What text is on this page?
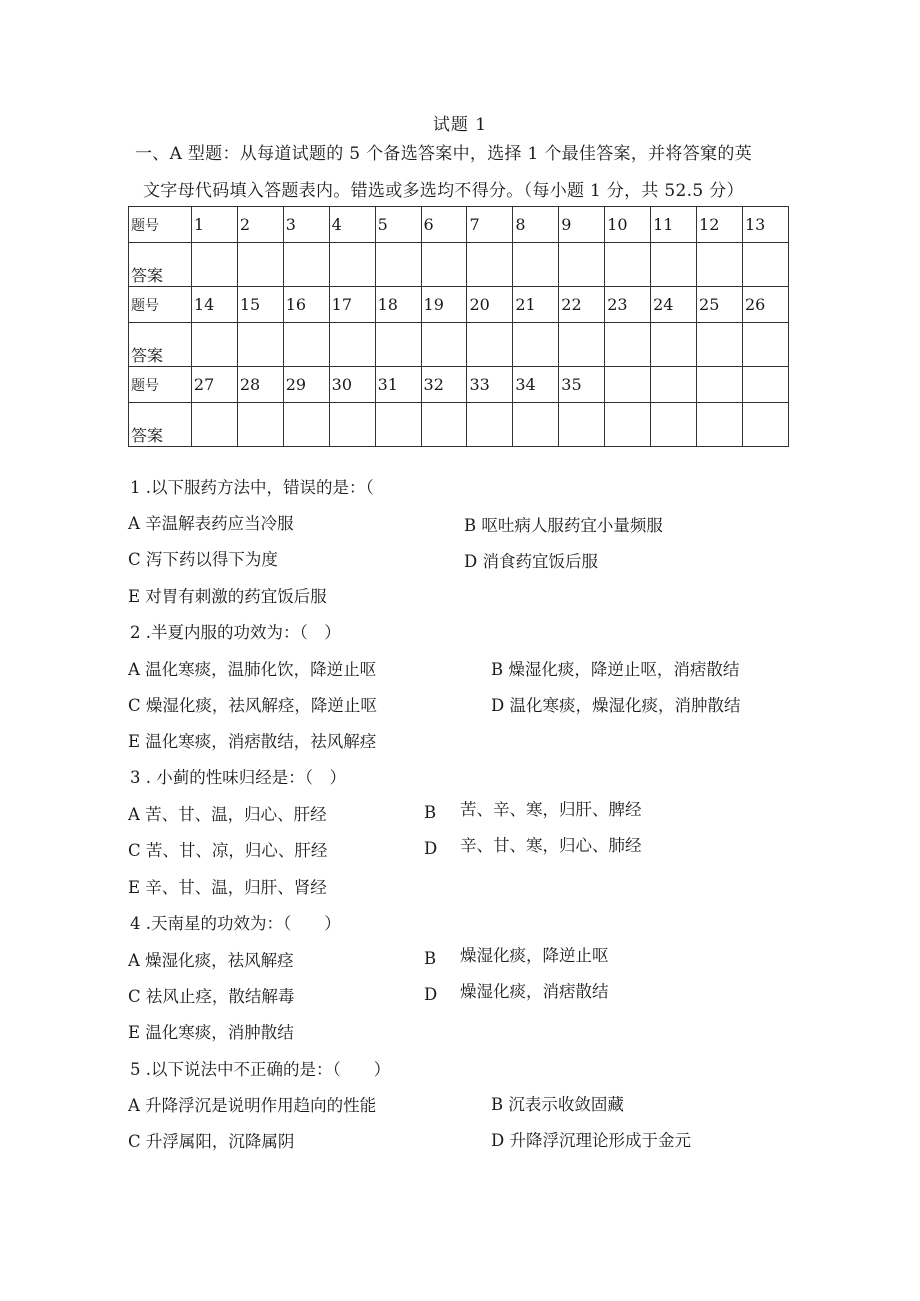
试题 1
一、A 型题：从每道试题的 5 个备选答案中，选择 1 个最佳答案，并将答窠的英
文字母代码填入答题表内。错选或多选均不得分。（每小题 1 分，共 52.5 分）
题号	1	2	3	4	5	6	7	8	9	10	11	12	13
答案													
题号	14	15	16	17	18	19	20	21	22	23	24	25	26
答案													
题号	27	28	29	30	31	32	33	34	35				
答案													
1 .以下服药方法中，错误的是：（
A 辛温解表药应当冷服	B 呕吐病人服药宜小量频服
C 泻下药以得下为度	D 消食药宜饭后服
E 对胃有刺激的药宜饭后服
2 .半夏内服的功效为：（　）
A 温化寒痰，温肺化饮，降逆止呕	B 燥湿化痰，降逆止呕，消痞散结
C 燥湿化痰，祛风解痉，降逆止呕	D 温化寒痰，燥湿化痰，消肿散结
E 温化寒痰，消痞散结，祛风解痉
3 . 小蓟的性味归经是：（　）
A 苦、甘、温，归心、肝经	B 苦、辛、寒，归肝、脾经
C 苦、甘、凉，归心、肝经	D 辛、甘、寒，归心、肺经
E 辛、甘、温，归肝、肾经
4 .天南星的功效为：（　　）
A 燥湿化痰，祛风解痉	B 燥湿化痰，降逆止呕
C 祛风止痉，散结解毒	D 燥湿化痰，消痞散结
E 温化寒痰，消肿散结
5 .以下说法中不正确的是：（　　）
A 升降浮沉是说明作用趋向的性能	B 沉表示收敛固藏
C 升浮属阳，沉降属阴	D 升降浮沉理论形成于金元
